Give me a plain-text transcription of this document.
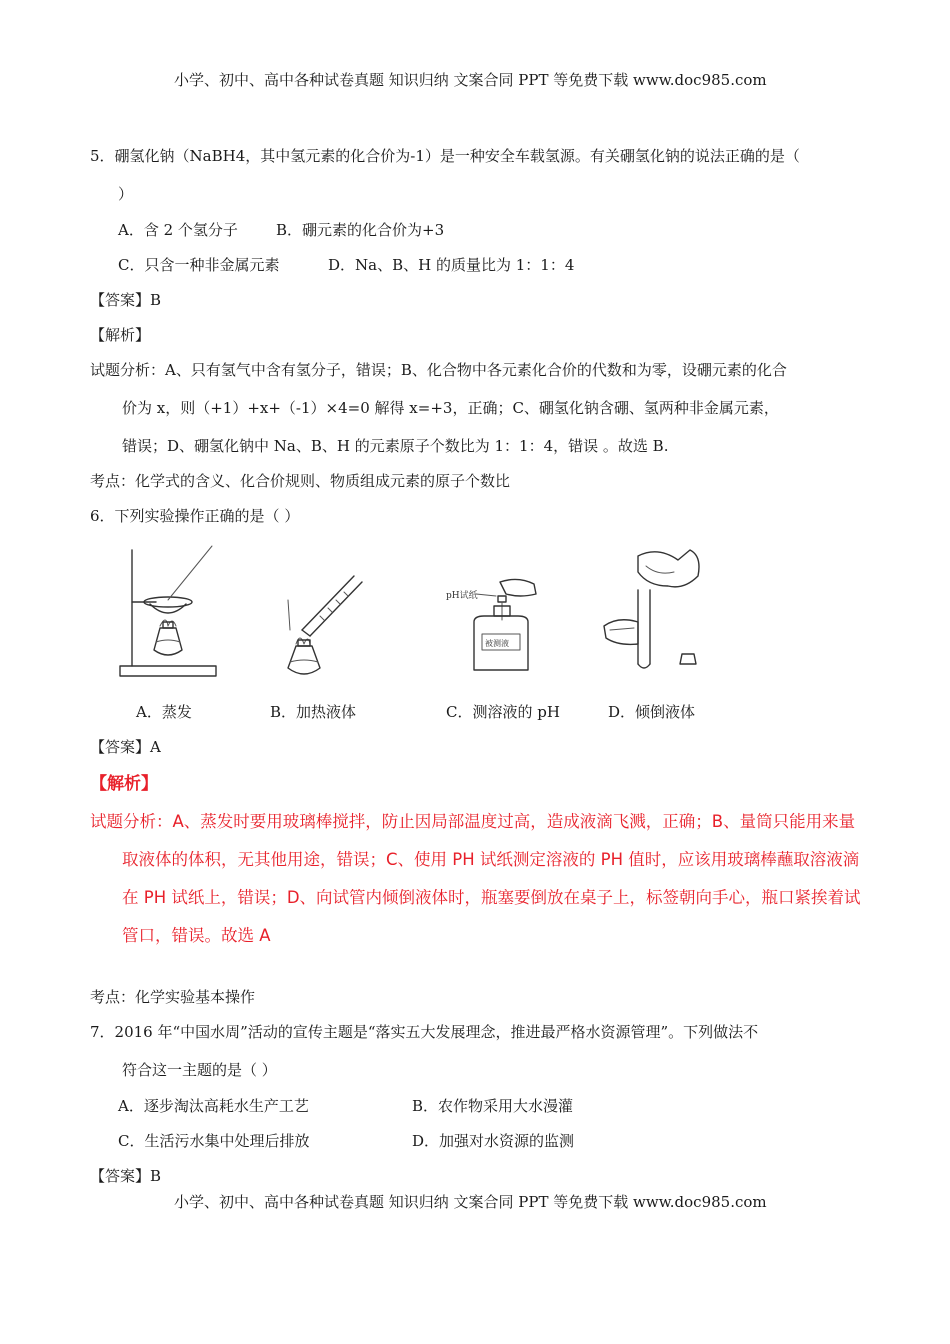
小学、初中、高中各种试卷真题 知识归纳 文案合同 PPT 等免费下载 www.doc985.com
5．硼氢化钠（NaBH4，其中氢元素的化合价为-1）是一种安全车载氢源。有关硼氢化钠的说法正确的是（
）
A．含 2 个氢分子	B．硼元素的化合价为+3
C．只含一种非金属元素	D．Na、B、H 的质量比为 1：1：4
【答案】B
【解析】
试题分析：A、只有氢气中含有氢分子，错误；B、化合物中各元素化合价的代数和为零，设硼元素的化合
价为 x，则（+1）+x+（-1）×4=0 解得 x=+3，正确；C、硼氢化钠含硼、氢两种非金属元素，
错误；D、硼氢化钠中 Na、B、H 的元素原子个数比为 1：1：4，错误 。故选 B.
考点：化学式的含义、化合价规则、物质组成元素的原子个数比
6．下列实验操作正确的是（ ）
pH试纸
被测液
A．蒸发	B．加热液体	C．测溶液的 pH	D．倾倒液体
【答案】A
【解析】
试题分析：A、蒸发时要用玻璃棒搅拌，防止因局部温度过高，造成液滴飞溅，正确；B、量筒只能用来量
取液体的体积，无其他用途，错误；C、使用 PH 试纸测定溶液的 PH 值时，应该用玻璃棒蘸取溶液滴
在 PH 试纸上，错误；D、向试管内倾倒液体时，瓶塞要倒放在桌子上，标签朝向手心，瓶口紧挨着试
管口，错误。故选 A
考点：化学实验基本操作
7．2016 年“中国水周”活动的宣传主题是“落实五大发展理念，推进最严格水资源管理”。下列做法不
符合这一主题的是（ ）
A．逐步淘汰高耗水生产工艺	B．农作物采用大水漫灌
C．生活污水集中处理后排放	D．加强对水资源的监测
【答案】B
小学、初中、高中各种试卷真题 知识归纳 文案合同 PPT 等免费下载 www.doc985.com
